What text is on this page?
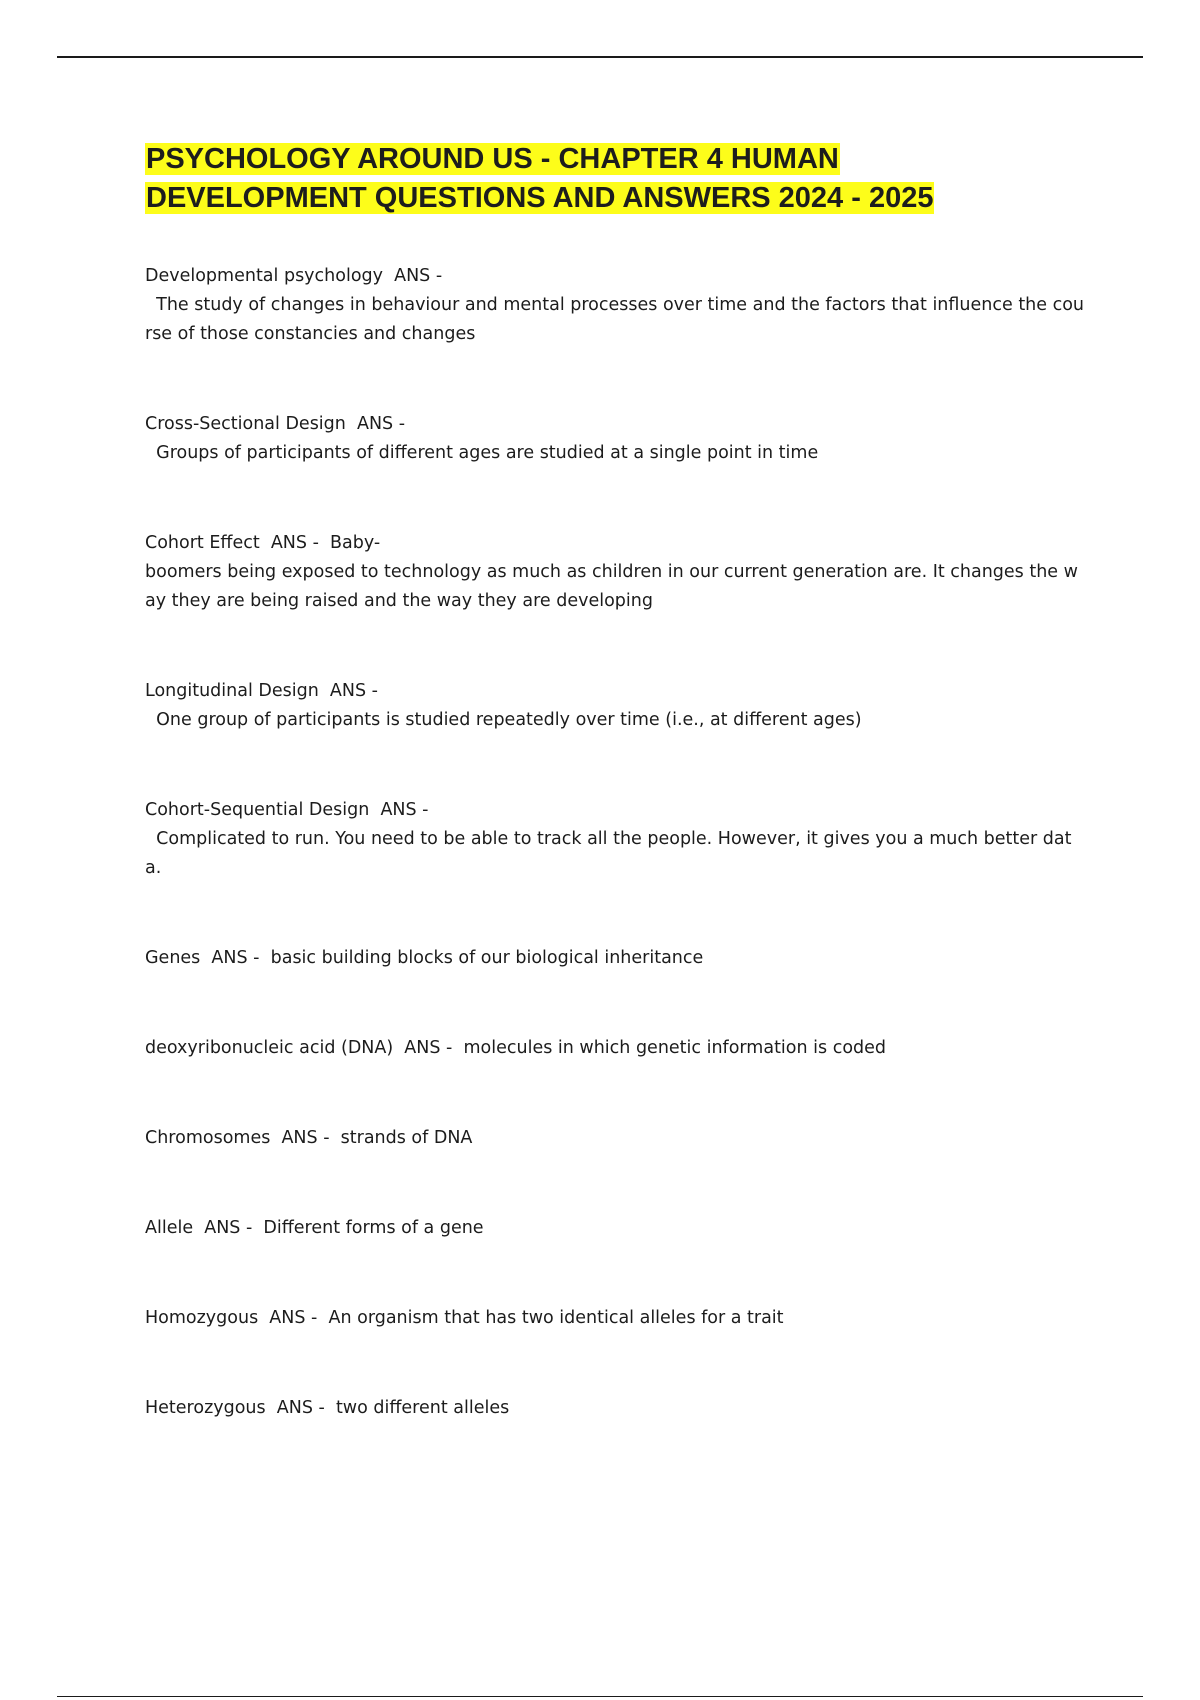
PSYCHOLOGY AROUND US - CHAPTER 4 HUMAN
DEVELOPMENT QUESTIONS AND ANSWERS 2024 - 2025

Developmental psychology  ANS -
The study of changes in behaviour and mental processes over time and the factors that influence the course of those constancies and changes

Cross-Sectional Design  ANS -
Groups of participants of different ages are studied at a single point in time

Cohort Effect  ANS -  Baby-
boomers being exposed to technology as much as children in our current generation are. It changes the way they are being raised and the way they are developing

Longitudinal Design  ANS -
One group of participants is studied repeatedly over time (i.e., at different ages)

Cohort-Sequential Design  ANS -
Complicated to run. You need to be able to track all the people. However, it gives you a much better data.

Genes  ANS -  basic building blocks of our biological inheritance

deoxyribonucleic acid (DNA)  ANS -  molecules in which genetic information is coded

Chromosomes  ANS -  strands of DNA

Allele  ANS -  Different forms of a gene

Homozygous  ANS -  An organism that has two identical alleles for a trait

Heterozygous  ANS -  two different alleles
